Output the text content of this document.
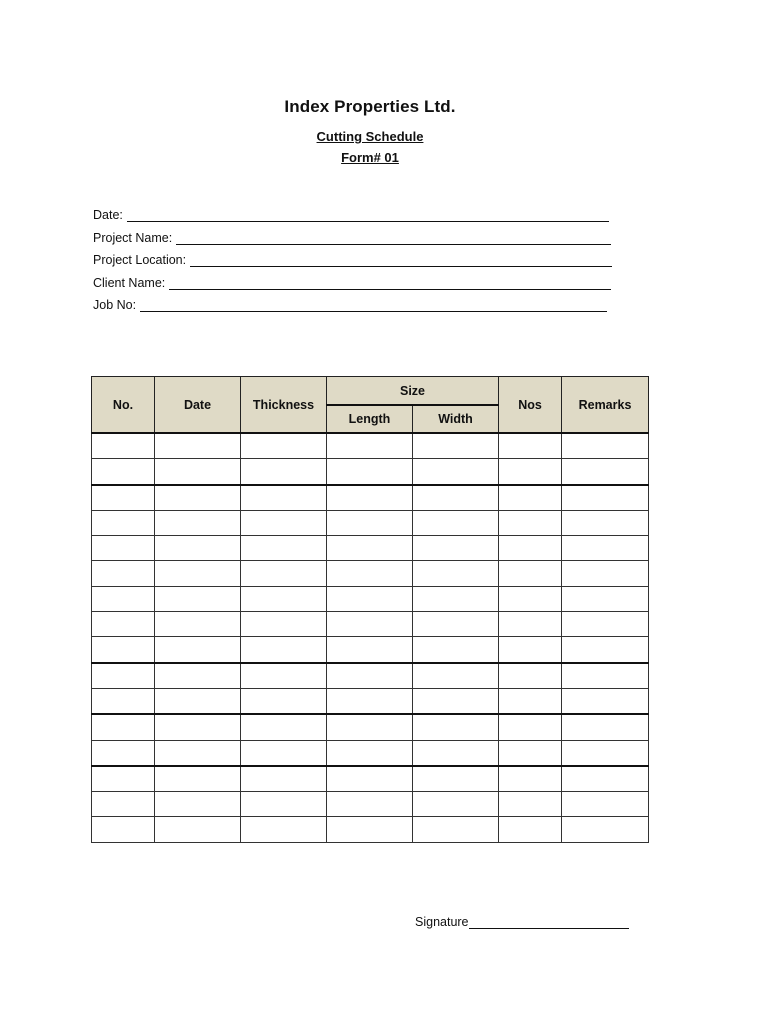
Index Properties Ltd.
Cutting Schedule
Form# 01
Date:
Project Name:
Project Location:
Client Name:
Job No:
No.	Date	Thickness	Size		Nos	Remarks
			Length	Width		

Signature
